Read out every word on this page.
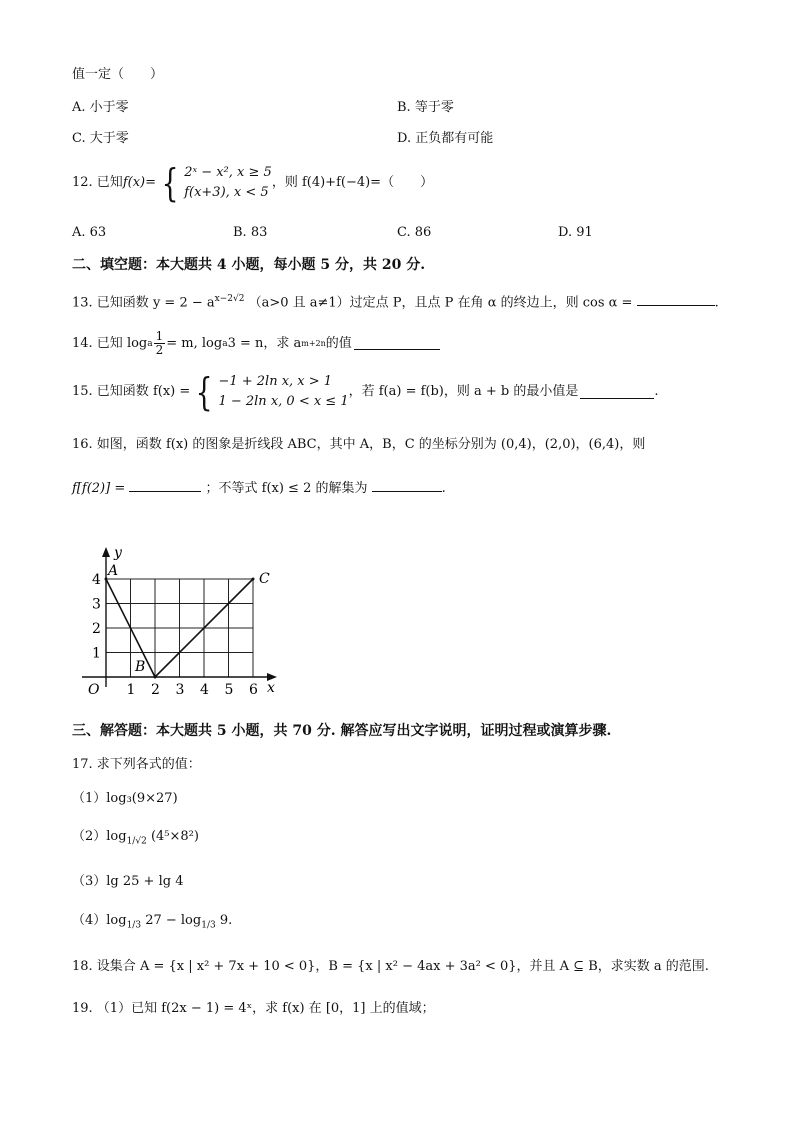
值一定（　　）
A. 小于零	B. 等于零
C. 大于零	D. 正负都有可能
12. 已知 f(x)= { 2ˣ − x², x ≥ 5
f(x+3), x < 5
，则 f(4)+f(−4)=（　　）
A. 63	B. 83	C. 86	D. 91
二、填空题：本大题共 4 小题，每小题 5 分，共 20 分.
13. 已知函数 $y = 2 - a^{x-2√2}$ （a>0 且 a≠1）过定点 P，且点 P 在角 α 的终边上，则 cos α =	.
14. 已知 log a $\frac{1}{2} = m$, log a 3 = n，求 a m+2n 的值
15. 已知函数 f(x) = { −1 + 2ln x, x > 1
1 − 2ln x, 0 < x ≤ 1
，若 f(a) = f(b)，则 a + b 的最小值是	.
16. 如图，函数 f(x) 的图象是折线段 ABC，其中 A，B，C 的坐标分别为 (0,4)，(2,0)，(6,4)，则
f[f(2)] =	；不等式 f(x) ≤ 2 的解集为	.
x
y
O 1 2 3 4 5 6
1
2
3
4
A
B
C
三、解答题：本大题共 5 小题，共 70 分. 解答应写出文字说明，证明过程或演算步骤.
17. 求下列各式的值：
（1）log₃(9×27)
$(2)\log_{1/√2}$ (4⁵×8²)
（3）lg 25 + lg 4
$(4)\log_{1/3}$ $27 - \log_{1/3} 9$.
18. 设集合 A = {x | x² + 7x + 10 < 0}，B = {x | x² − 4ax + 3a² < 0}，并且 A ⊆ B，求实数 a 的范围.
19. （1）已知 f(2x − 1) = 4ˣ，求 f(x) 在 [0，1] 上的值域；
